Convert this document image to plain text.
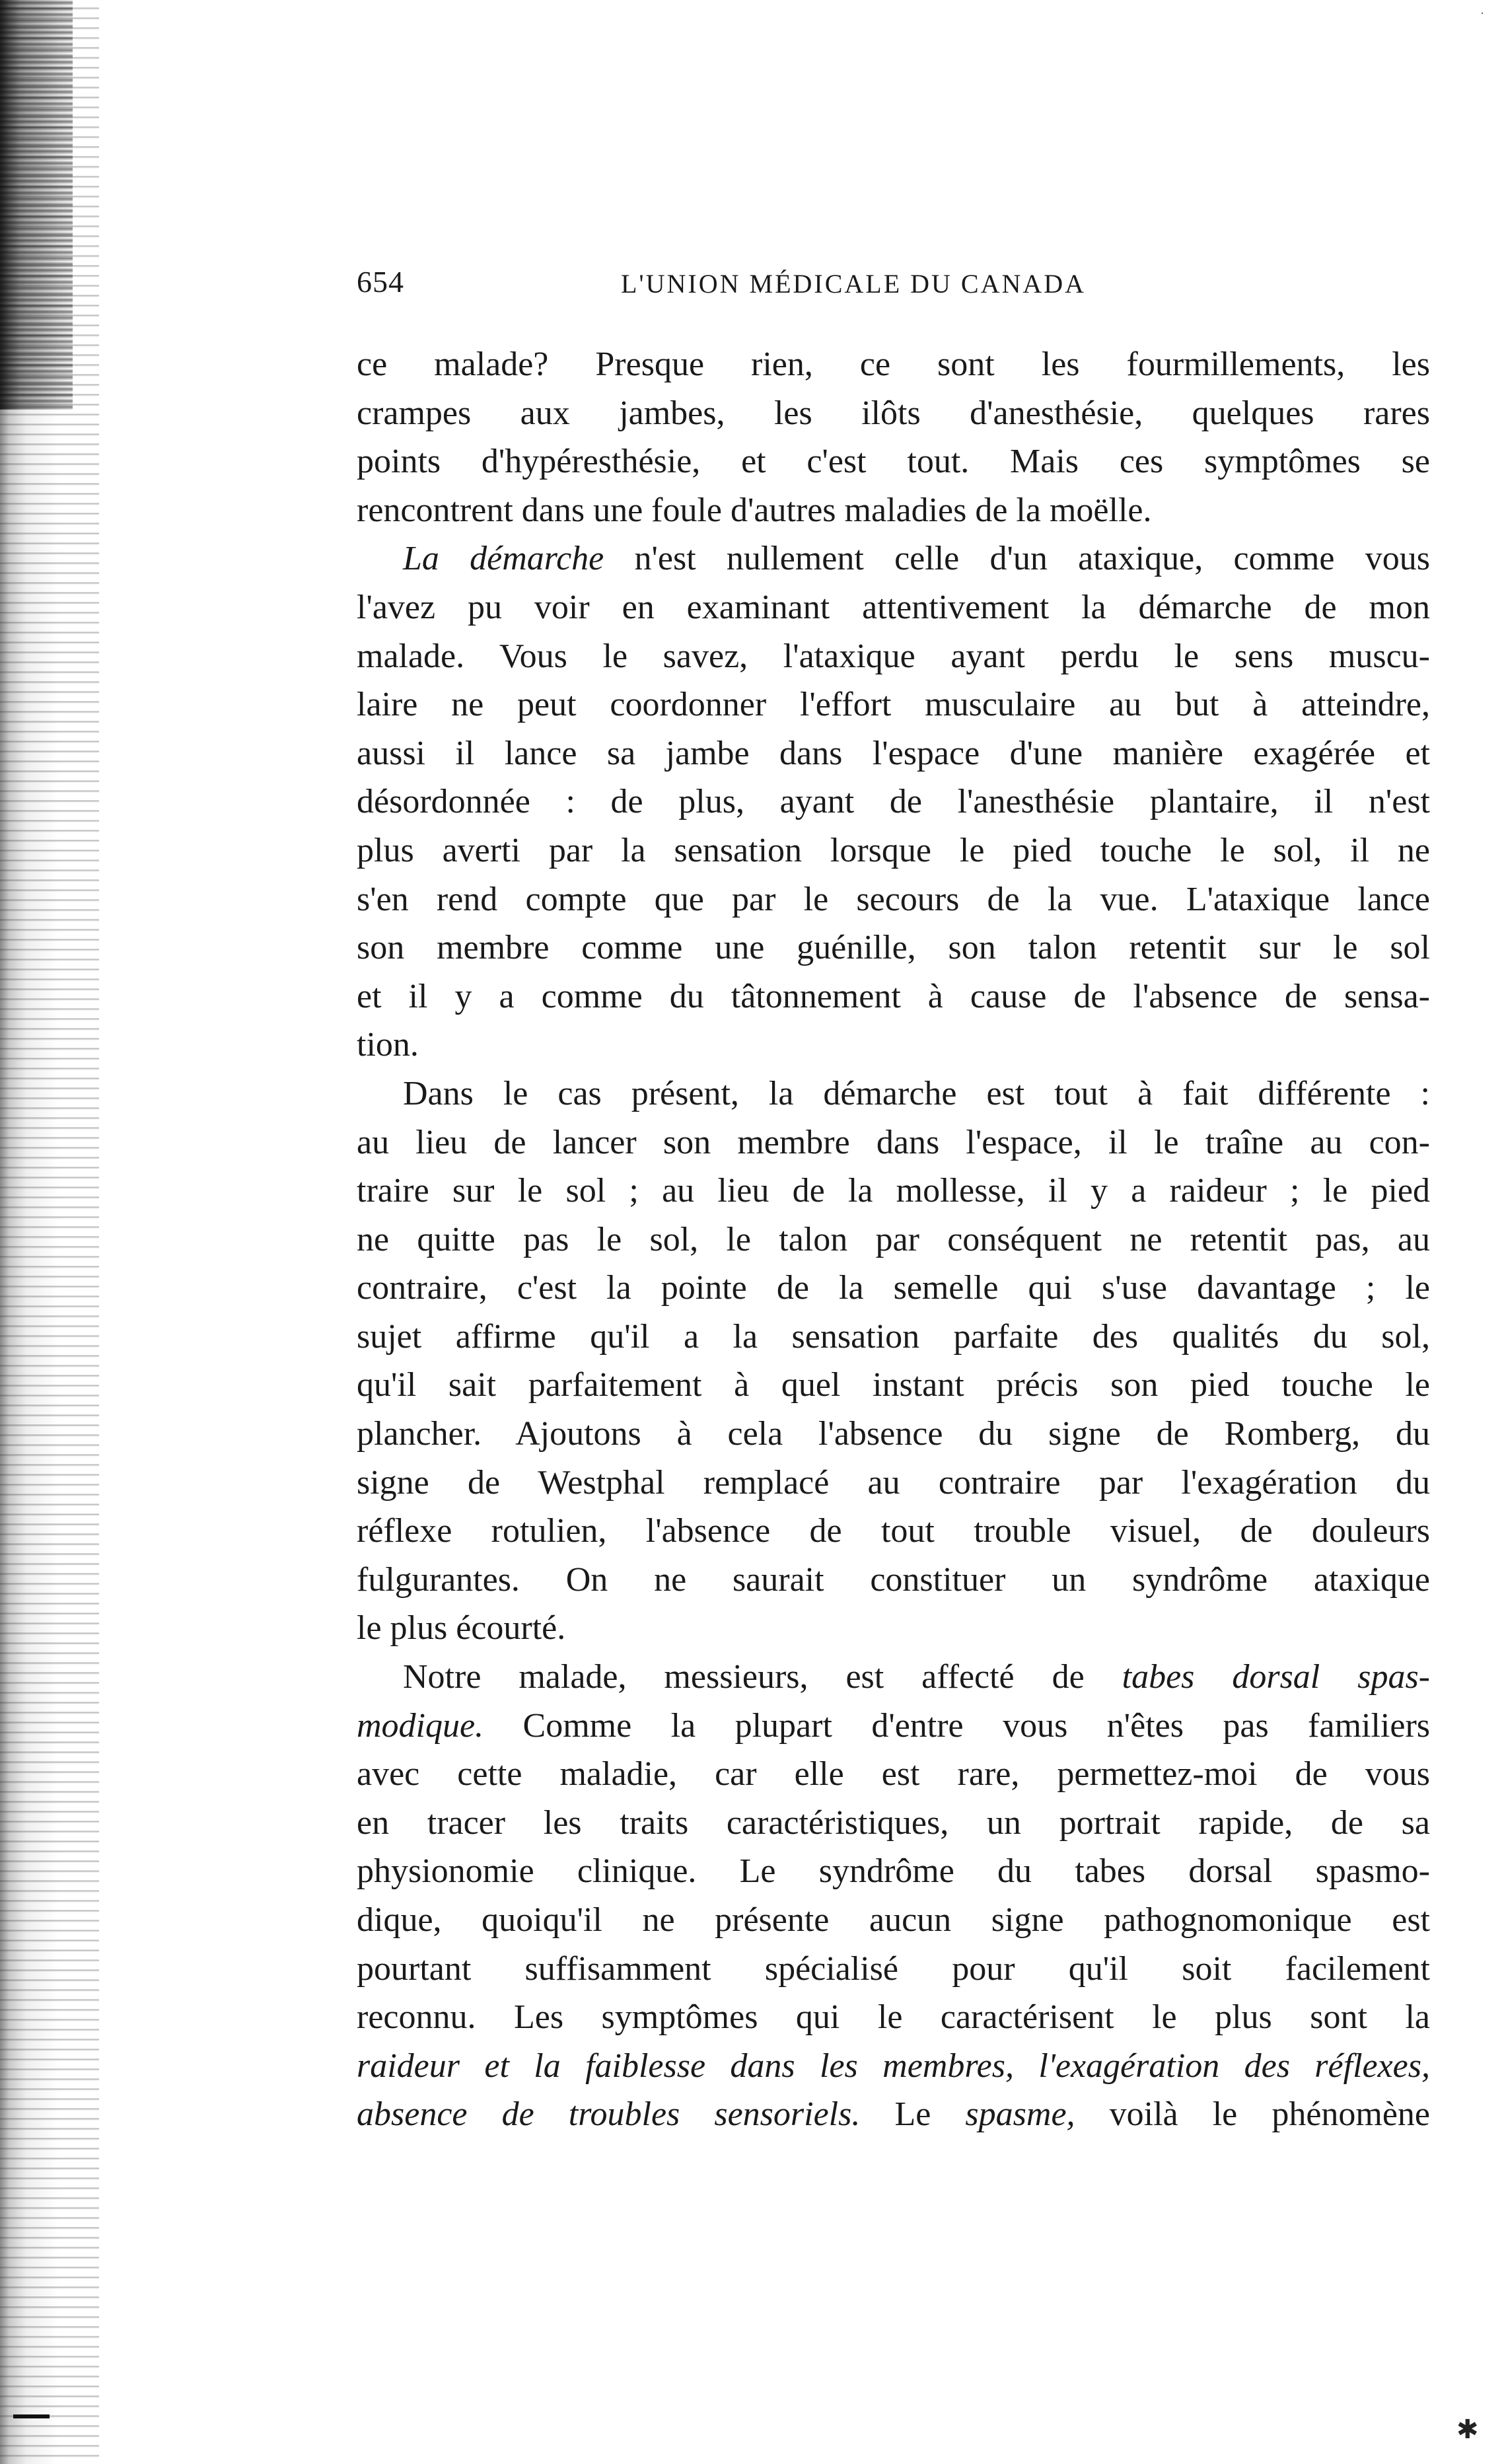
·
✱
654	L'UNION MÉDICALE DU CANADA
ce malade? Presque rien, ce sont les fourmillements, les
crampes aux jambes, les ilôts d'anesthésie, quelques rares
points d'hypéresthésie, et c'est tout. Mais ces symptômes se
rencontrent dans une foule d'autres maladies de la moëlle.
La démarche n'est nullement celle d'un ataxique, comme vous
l'avez pu voir en examinant attentivement la démarche de mon
malade. Vous le savez, l'ataxique ayant perdu le sens muscu-
laire ne peut coordonner l'effort musculaire au but à atteindre,
aussi il lance sa jambe dans l'espace d'une manière exagérée et
désordonnée : de plus, ayant de l'anesthésie plantaire, il n'est
plus averti par la sensation lorsque le pied touche le sol, il ne
s'en rend compte que par le secours de la vue. L'ataxique lance
son membre comme une guénille, son talon retentit sur le sol
et il y a comme du tâtonnement à cause de l'absence de sensa-
tion.
Dans le cas présent, la démarche est tout à fait différente :
au lieu de lancer son membre dans l'espace, il le traîne au con-
traire sur le sol ; au lieu de la mollesse, il y a raideur ; le pied
ne quitte pas le sol, le talon par conséquent ne retentit pas, au
contraire, c'est la pointe de la semelle qui s'use davantage ; le
sujet affirme qu'il a la sensation parfaite des qualités du sol,
qu'il sait parfaitement à quel instant précis son pied touche le
plancher. Ajoutons à cela l'absence du signe de Romberg, du
signe de Westphal remplacé au contraire par l'exagération du
réflexe rotulien, l'absence de tout trouble visuel, de douleurs
fulgurantes. On ne saurait constituer un syndrôme ataxique
le plus écourté.
Notre malade, messieurs, est affecté de tabes dorsal spas-
modique. Comme la plupart d'entre vous n'êtes pas familiers
avec cette maladie, car elle est rare, permettez-moi de vous
en tracer les traits caractéristiques, un portrait rapide, de sa
physionomie clinique. Le syndrôme du tabes dorsal spasmo-
dique, quoiqu'il ne présente aucun signe pathognomonique est
pourtant suffisamment spécialisé pour qu'il soit facilement
reconnu. Les symptômes qui le caractérisent le plus sont la
raideur et la faiblesse dans les membres, l'exagération des réflexes,
absence de troubles sensoriels. Le spasme, voilà le phénomène
